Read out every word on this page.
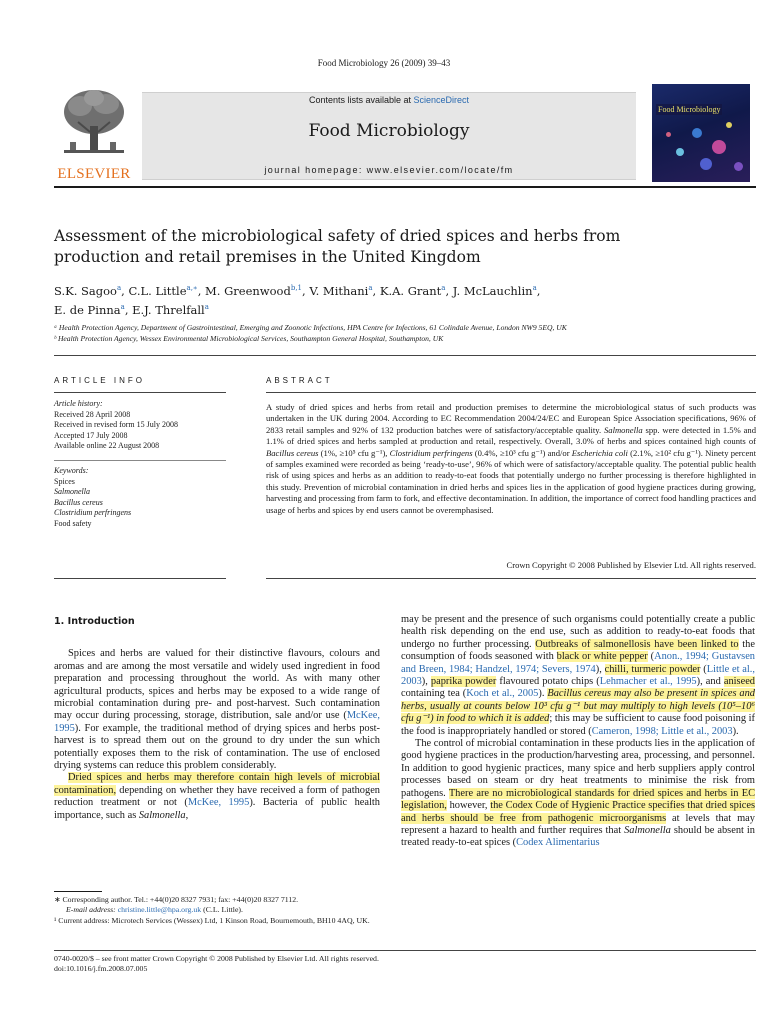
Food Microbiology 26 (2009) 39–43
ELSEVIER
Contents lists available at ScienceDirect
Food Microbiology
journal homepage: www.elsevier.com/locate/fm
Food Microbiology
Assessment of the microbiological safety of dried spices and herbs from production and retail premises in the United Kingdom
S.K. Sagoo$^a$, C.L. Little$^{a,∗}$, M. Greenwood$^{b,1}$, V. Mithani$^a$, K.A. Grant$^a$, J. McLauchlin$^a$,
E. de Pinna$^a$, E.J. Threlfall$^a$
ᵃ Health Protection Agency, Department of Gastrointestinal, Emerging and Zoonotic Infections, HPA Centre for Infections, 61 Colindale Avenue, London NW9 5EQ, UK
ᵇ Health Protection Agency, Wessex Environmental Microbiological Services, Southampton General Hospital, Southampton, UK
ARTICLE INFO	ABSTRACT
Article history:
Received 28 April 2008
Received in revised form 15 July 2008
Accepted 17 July 2008
Available online 22 August 2008
Keywords:
Spices
Salmonella
Bacillus cereus
Clostridium perfringens
Food safety
A study of dried spices and herbs from retail and production premises to determine the microbiological status of such products was undertaken in the UK during 2004. According to EC Recommendation 2004/24/EC and European Spice Association specifications, 96% of 2833 retail samples and 92% of 132 production batches were of satisfactory/acceptable quality. Salmonella spp. were detected in 1.5% and 1.1% of dried spices and herbs sampled at production and retail, respectively. Overall, 3.0% of herbs and spices contained high counts of Bacillus cereus (1%, ≥10⁵ cfu g⁻¹), Clostridium perfringens (0.4%, ≥10³ cfu g⁻¹) and/or Escherichia coli (2.1%, ≥10² cfu g⁻¹). Ninety percent of samples examined were recorded as being ‘ready-to-use’, 96% of which were of satisfactory/acceptable quality. The potential public health risk of using spices and herbs as an addition to ready-to-eat foods that potentially undergo no further processing is therefore highlighted in this study. Prevention of microbial contamination in dried herbs and spices lies in the application of good hygiene practices during growing, harvesting and processing from farm to fork, and effective decontamination. In addition, the importance of correct food handling practices and usage of herbs and spices by end users cannot be overemphasised.
Crown Copyright © 2008 Published by Elsevier Ltd. All rights reserved.
1. Introduction

Spices and herbs are valued for their distinctive flavours, colours and aromas and are among the most versatile and widely used ingredient in food preparation and processing throughout the world. As with many other agricultural products, spices and herbs may be exposed to a wide range of microbial contamination during pre- and post-harvest. Such contamination may occur during processing, storage, distribution, sale and/or use (McKee, 1995). For example, the traditional method of drying spices and herbs post-harvest is to spread them out on the ground to dry under the sun which potentially exposes them to the risk of contamination. The use of enclosed drying systems can reduce this problem considerably.

Dried spices and herbs may therefore contain high levels of microbial contamination, depending on whether they have received a form of pathogen reduction treatment or not (McKee, 1995). Bacteria of public health importance, such as Salmonella,

may be present and the presence of such organisms could potentially create a public health risk depending on the end use, such as addition to ready-to-eat foods that undergo no further processing. Outbreaks of salmonellosis have been linked to the consumption of foods seasoned with black or white pepper (Anon., 1994; Gustavsen and Breen, 1984; Handzel, 1974; Severs, 1974), chilli, turmeric powder (Little et al., 2003), paprika powder flavoured potato chips (Lehmacher et al., 1995), and aniseed containing tea (Koch et al., 2005). Bacillus cereus may also be present in spices and herbs, usually at counts below 10³ cfu g⁻¹ but may multiply to high levels (10⁵–10⁶ cfu g⁻¹) in food to which it is added; this may be sufficient to cause food poisoning if the food is inappropriately handled or stored (Cameron, 1998; Little et al., 2003).

The control of microbial contamination in these products lies in the application of good hygiene practices in the production/harvesting area, processing, and personnel. In addition to good hygienic practices, many spice and herb suppliers apply control processes based on steam or dry heat treatments to minimise the risk from pathogens. There are no microbiological standards for dried spices and herbs in EC legislation, however, the Codex Code of Hygienic Practice specifies that dried spices and herbs should be free from pathogenic microorganisms at levels that may represent a hazard to health and further requires that Salmonella should be absent in treated ready-to-eat spices (Codex Alimentarius

∗ Corresponding author. Tel.: +44(0)20 8327 7931; fax: +44(0)20 8327 7112.
E-mail address: christine.little@hpa.org.uk (C.L. Little).
¹ Current address: Microtech Services (Wessex) Ltd, 1 Kinson Road, Bournemouth, BH10 4AQ, UK.
0740-0020/$ – see front matter Crown Copyright © 2008 Published by Elsevier Ltd. All rights reserved.
doi:10.1016/j.fm.2008.07.005
